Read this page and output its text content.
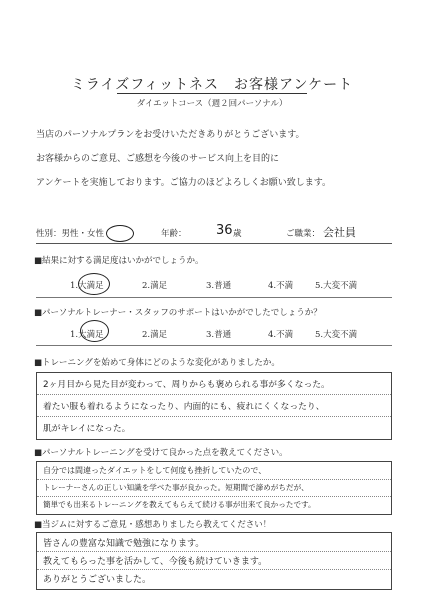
ミライズフィットネス　お客様アンケート
ダイエットコース（週２回パーソナル）
当店のパーソナルプランをお受けいただきありがとうございます。
お客様からのご意見、ご感想を今後のサービス向上を目的に
アンケートを実施しております。ご協力のほどよろしくお願い致します。
性別：男性・女性	年齢：	歳	ご職業：
36	会社員
■結果に対する満足度はいかがでしょうか。
1.大満足	2.満足	3.普通	4.不満	5.大変不満
■パーソナルトレーナー・スタッフのサポートはいかがでしたでしょうか？
1.大満足	2.満足	3.普通	4.不満	5.大変不満
■トレーニングを始めて身体にどのような変化がありましたか。
2ヶ月目から見た目が変わって、周りからも褒められる事が多くなった。
着たい服も着れるようになったり、内面的にも、疲れにくくなったり、
肌がキレイになった。
■パーソナルトレーニングを受けて良かった点を教えてください。
自分では間違ったダイエットをして何度も挫折していたので、
トレーナーさんの正しい知識を学べた事が良かった。短期間で諦めがちだが、
簡単でも出来るトレーニングを教えてもらえて続ける事が出来て良かったです。
■当ジムに対するご意見・感想ありましたら教えてください！
皆さんの豊富な知識で勉強になります。
教えてもらった事を活かして、今後も続けていきます。
ありがとうございました。
